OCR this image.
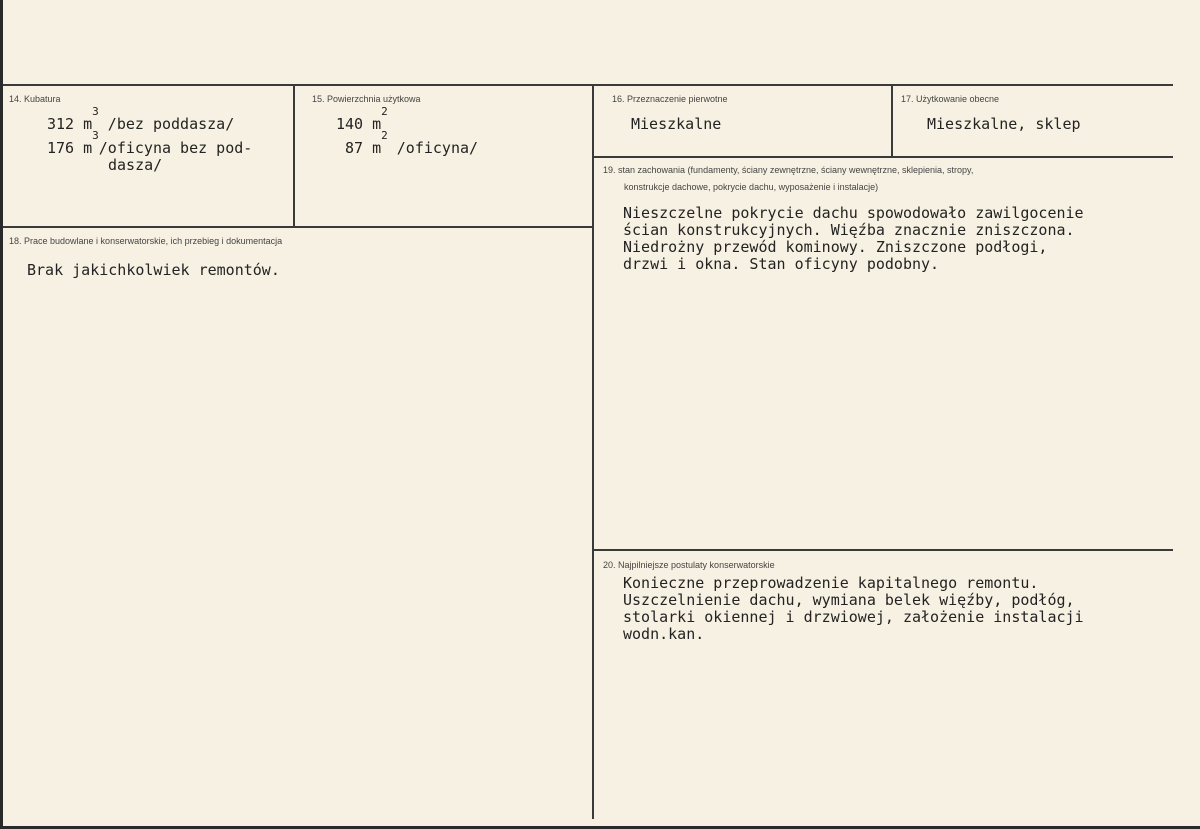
14. Kubatura
312 $m^3$ /bez poddasza/
176 $m^3$/oficyna bez pod-
dasza/
15. Powierzchnia użytkowa
140 $m^2$
87 $m^2$ /oficyna/
16. Przeznaczenie pierwotne
Mieszkalne
17. Użytkowanie obecne
Mieszkalne, sklep
18. Prace budowlane i konserwatorskie, ich przebieg i dokumentacja
Brak jakichkolwiek remontów.
19. stan zachowania (fundamenty, ściany zewnętrzne, ściany wewnętrzne, sklepienia, stropy,
konstrukcje dachowe, pokrycie dachu, wyposażenie i instalacje)
Nieszczelne pokrycie dachu spowodowało zawilgocenie
ścian konstrukcyjnych. Więźba znacznie zniszczona.
Niedrożny przewód kominowy. Zniszczone podłogi,
drzwi i okna. Stan oficyny podobny.
20. Najpilniejsze postulaty konserwatorskie
Konieczne przeprowadzenie kapitalnego remontu.
Uszczelnienie dachu, wymiana belek więźby, podłóg,
stolarki okiennej i drzwiowej, założenie instalacji
wodn.kan.
